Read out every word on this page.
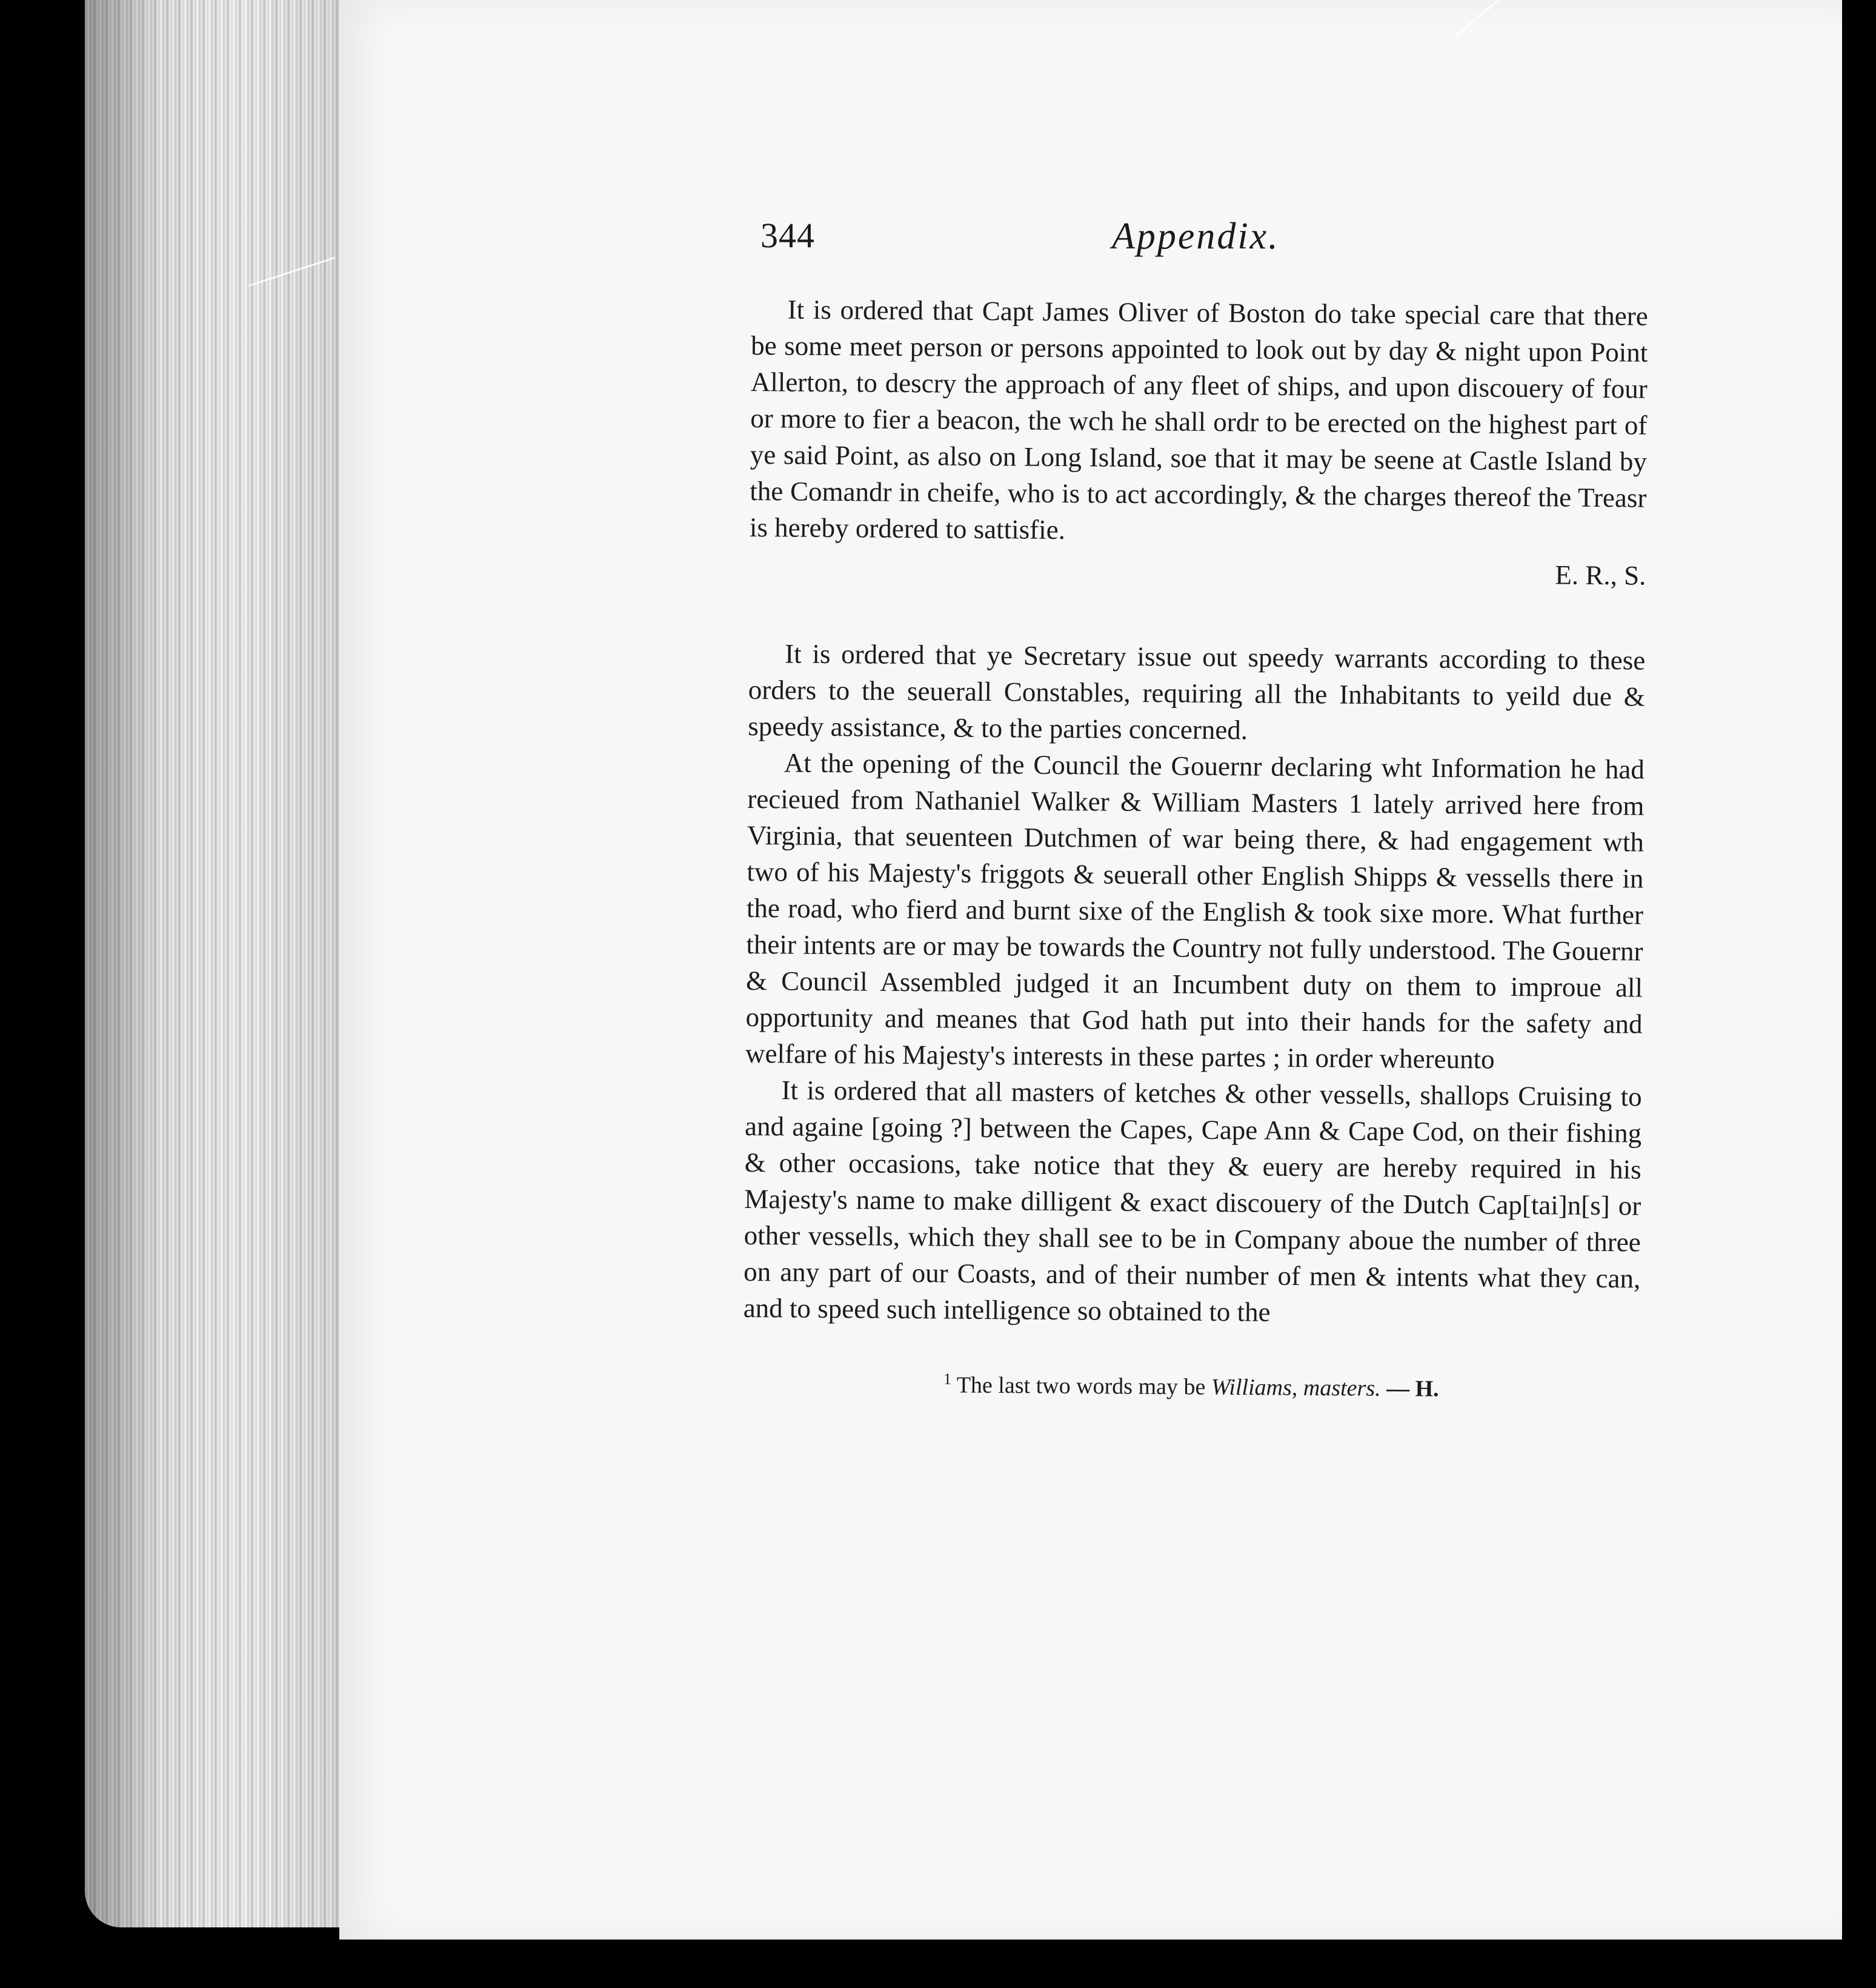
344	Appendix.

It is ordered that Capt James Oliver of Boston do take special care that there be some meet person or persons appointed to look out by day & night upon Point Allerton, to descry the approach of any fleet of ships, and upon discouery of four or more to fier a beacon, the wch he shall ordr to be erected on the highest part of ye said Point, as also on Long Island, soe that it may be seene at Castle Island by the Comandr in cheife, who is to act accordingly, & the charges thereof the Treasr is hereby ordered to sattisfie.

E. R., S.

It is ordered that ye Secretary issue out speedy warrants according to these orders to the seuerall Constables, requiring all the Inhabitants to yeild due & speedy assistance, & to the parties concerned.

At the opening of the Council the Gouernr declaring wht Information he had recieued from Nathaniel Walker & William Masters 1 lately arrived here from Virginia, that seuenteen Dutchmen of war being there, & had engagement wth two of his Majesty's friggots & seuerall other English Shipps & vessells there in the road, who fierd and burnt sixe of the English & took sixe more. What further their intents are or may be towards the Country not fully understood. The Gouernr & Council Assembled judged it an Incumbent duty on them to improue all opportunity and meanes that God hath put into their hands for the safety and welfare of his Majesty's interests in these partes ; in order whereunto

It is ordered that all masters of ketches & other vessells, shallops Cruising to and againe [going ?] between the Capes, Cape Ann & Cape Cod, on their fishing & other occasions, take notice that they & euery are hereby required in his Majesty's name to make dilligent & exact discouery of the Dutch Cap[tai]n[s] or other vessells, which they shall see to be in Company aboue the number of three on any part of our Coasts, and of their number of men & intents what they can, and to speed such intelligence so obtained to the

$^1$ The last two words may be Williams, masters. — H.
